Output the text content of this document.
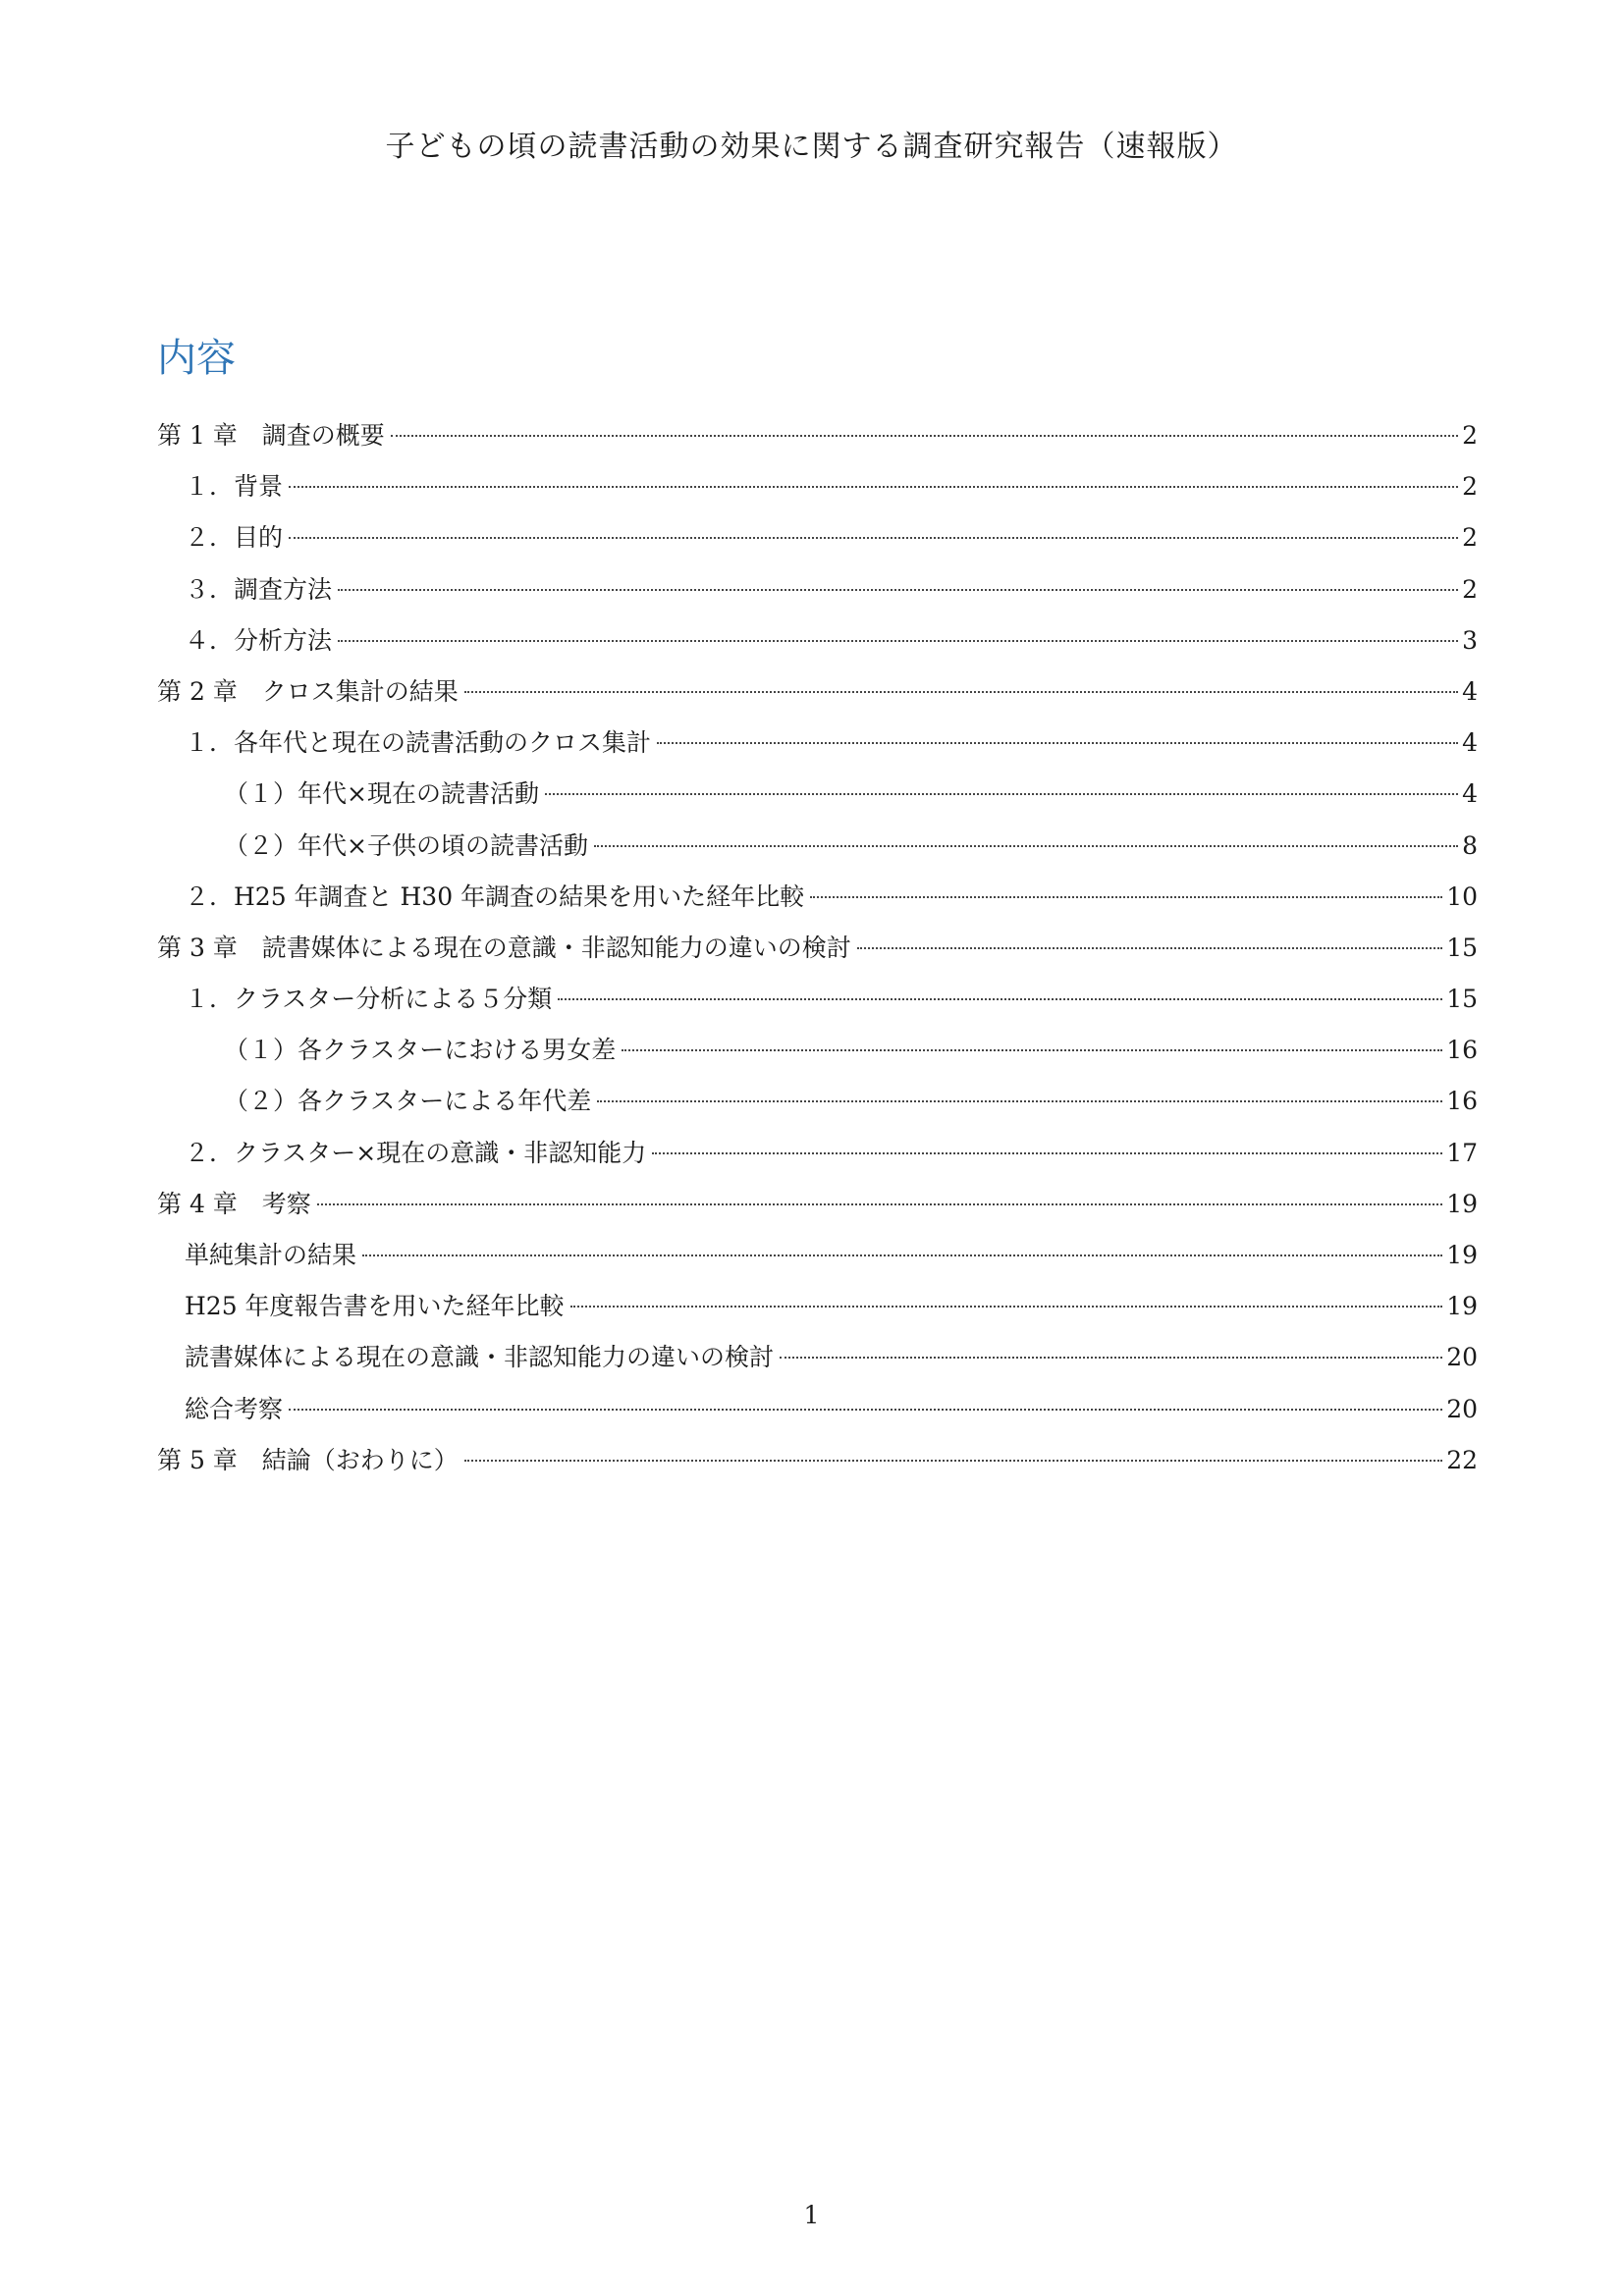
子どもの頃の読書活動の効果に関する調査研究報告（速報版）
内容
第 1 章　調査の概要	2
１．背景	2
２．目的	2
３．調査方法	2
４．分析方法	3
第 2 章　クロス集計の結果	4
１．各年代と現在の読書活動のクロス集計	4
（１）年代×現在の読書活動	4
（２）年代×子供の頃の読書活動	8
２．H25 年調査と H30 年調査の結果を用いた経年比較	10
第 3 章　読書媒体による現在の意識・非認知能力の違いの検討	15
１．クラスター分析による５分類	15
（１）各クラスターにおける男女差	16
（２）各クラスターによる年代差	16
２．クラスター×現在の意識・非認知能力	17
第 4 章　考察	19
単純集計の結果	19
H25 年度報告書を用いた経年比較	19
読書媒体による現在の意識・非認知能力の違いの検討	20
総合考察	20
第 5 章　結論（おわりに）	22
1
